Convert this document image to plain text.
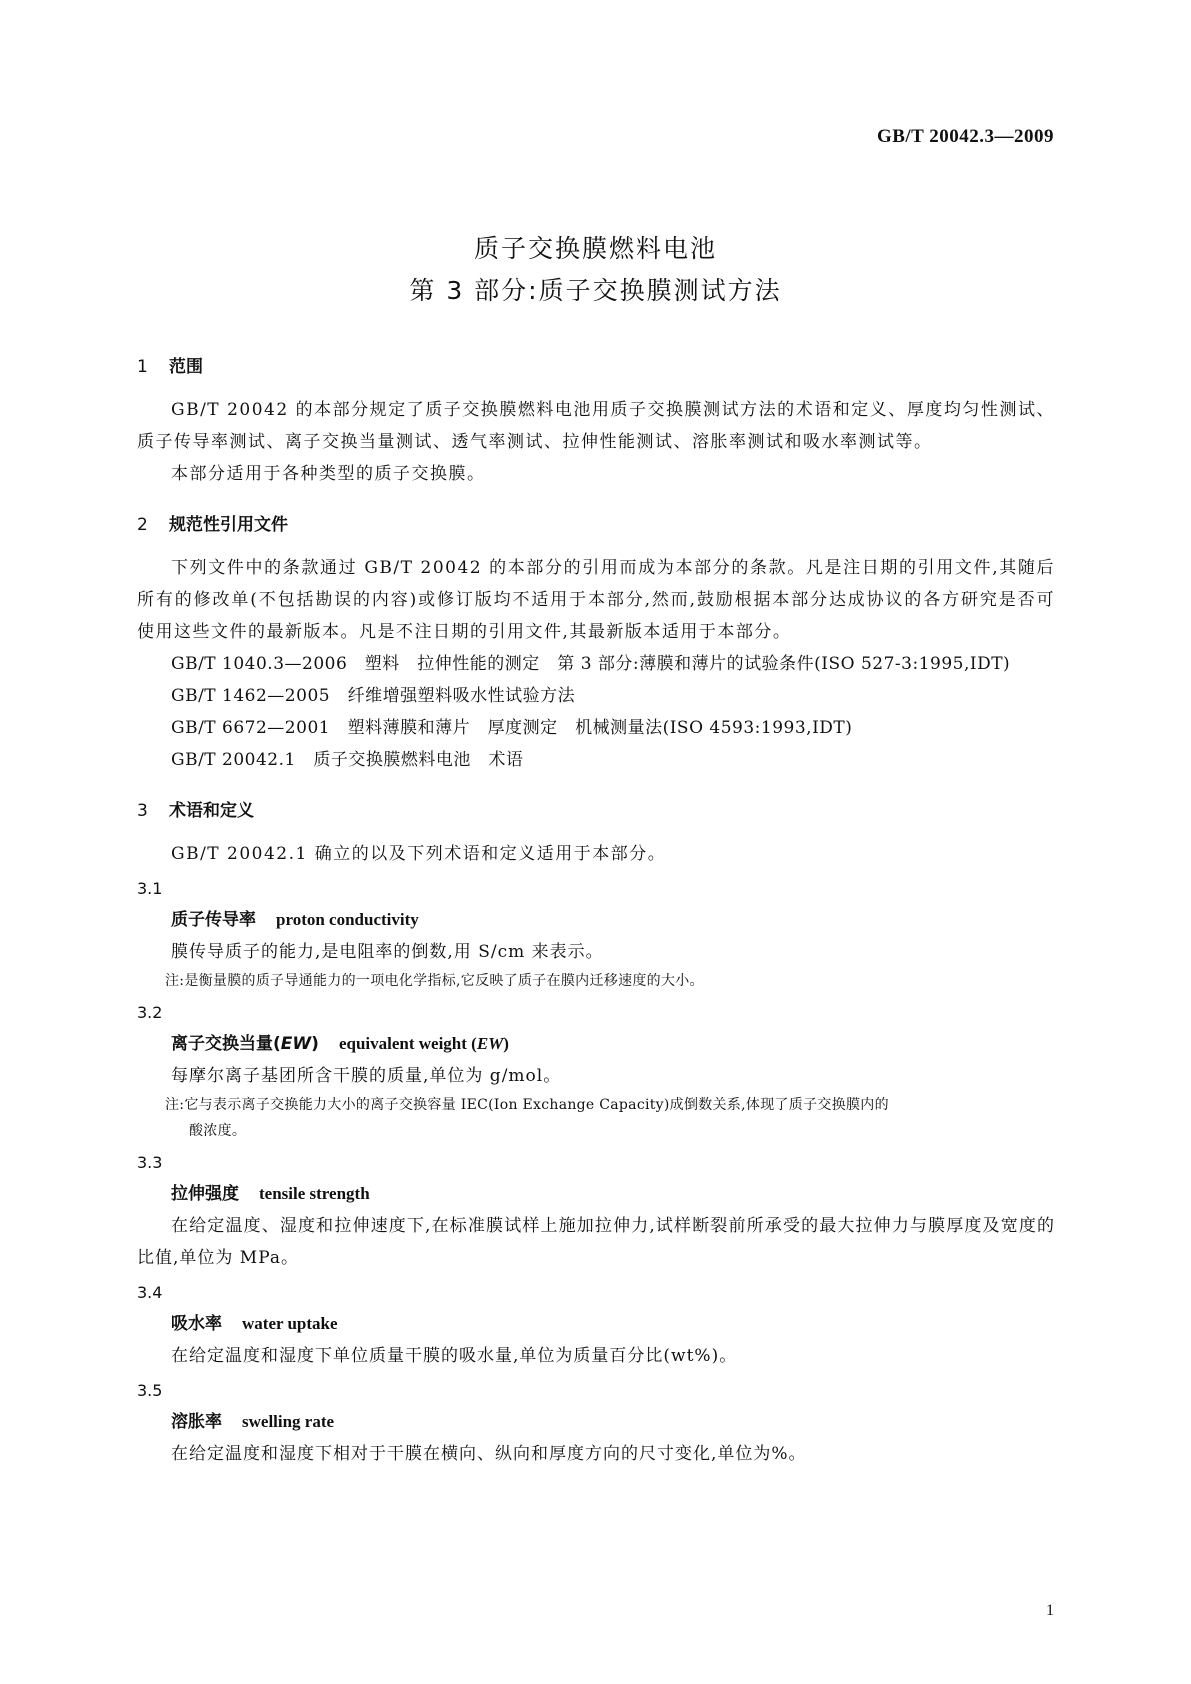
GB/T 20042.3—2009
质子交换膜燃料电池
第 3 部分:质子交换膜测试方法
1 范围
GB/T 20042 的本部分规定了质子交换膜燃料电池用质子交换膜测试方法的术语和定义、厚度均匀性测试、质子传导率测试、离子交换当量测试、透气率测试、拉伸性能测试、溶胀率测试和吸水率测试等。
本部分适用于各种类型的质子交换膜。
2 规范性引用文件
下列文件中的条款通过 GB/T 20042 的本部分的引用而成为本部分的条款。凡是注日期的引用文件,其随后所有的修改单(不包括勘误的内容)或修订版均不适用于本部分,然而,鼓励根据本部分达成协议的各方研究是否可使用这些文件的最新版本。凡是不注日期的引用文件,其最新版本适用于本部分。
GB/T 1040.3—2006　塑料　拉伸性能的测定　第 3 部分:薄膜和薄片的试验条件(ISO 527-3:1995,IDT)
GB/T 1462—2005　纤维增强塑料吸水性试验方法
GB/T 6672—2001　塑料薄膜和薄片　厚度测定　机械测量法(ISO 4593:1993,IDT)
GB/T 20042.1　质子交换膜燃料电池　术语
3 术语和定义
GB/T 20042.1 确立的以及下列术语和定义适用于本部分。
3.1
质子传导率 proton conductivity
膜传导质子的能力,是电阻率的倒数,用 S/cm 来表示。
注:是衡量膜的质子导通能力的一项电化学指标,它反映了质子在膜内迁移速度的大小。
3.2
离子交换当量(EW) equivalent weight (EW)
每摩尔离子基团所含干膜的质量,单位为 g/mol。
注:它与表示离子交换能力大小的离子交换容量 IEC(Ion Exchange Capacity)成倒数关系,体现了质子交换膜内的
酸浓度。
3.3
拉伸强度 tensile strength
在给定温度、湿度和拉伸速度下,在标准膜试样上施加拉伸力,试样断裂前所承受的最大拉伸力与膜厚度及宽度的比值,单位为 MPa。
3.4
吸水率 water uptake
在给定温度和湿度下单位质量干膜的吸水量,单位为质量百分比(wt%)。
3.5
溶胀率 swelling rate
在给定温度和湿度下相对于干膜在横向、纵向和厚度方向的尺寸变化,单位为%。
1
